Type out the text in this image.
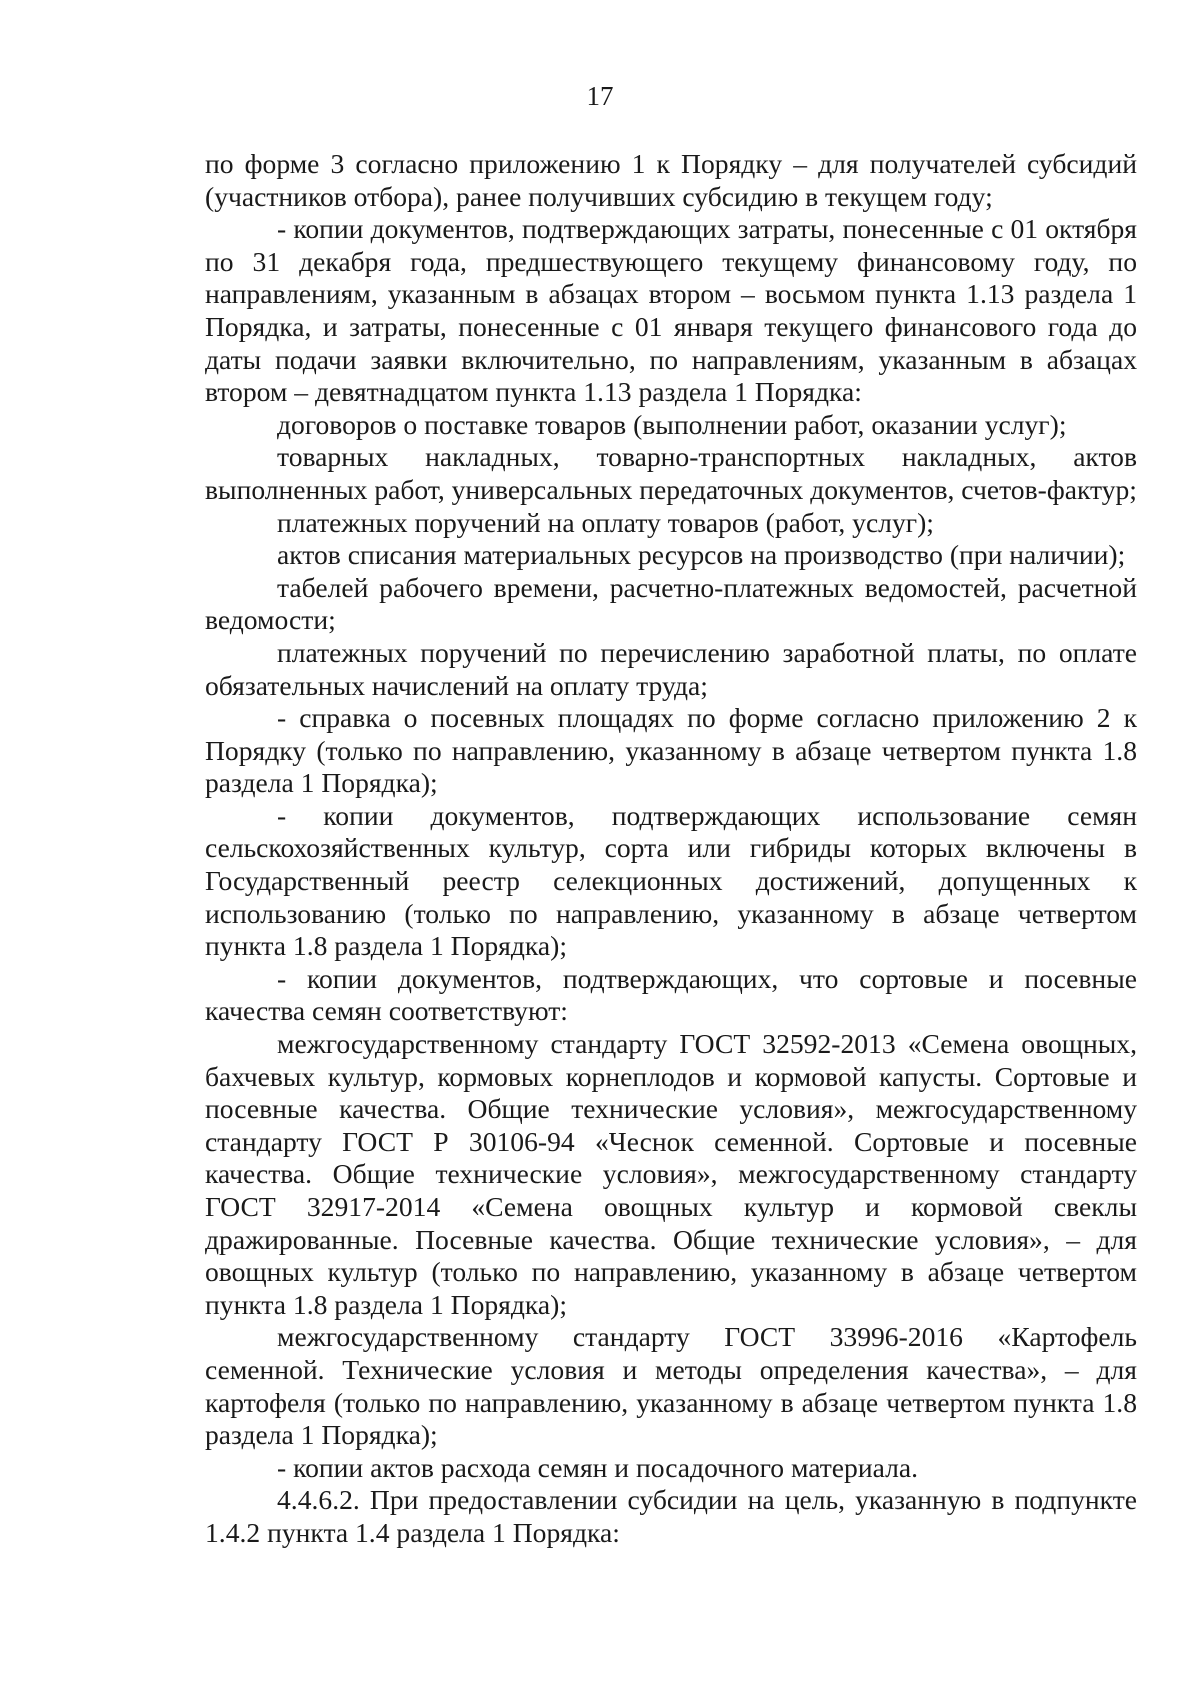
17

по форме 3 согласно приложению 1 к Порядку – для получателей субсидий (участников отбора), ранее получивших субсидию в текущем году;

- копии документов, подтверждающих затраты, понесенные с 01 октября по 31 декабря года, предшествующего текущему финансовому году, по направлениям, указанным в абзацах втором – восьмом пункта 1.13 раздела 1 Порядка, и затраты, понесенные с 01 января текущего финансового года до даты подачи заявки включительно, по направлениям, указанным в абзацах втором – девятнадцатом пункта 1.13 раздела 1 Порядка:

договоров о поставке товаров (выполнении работ, оказании услуг);

товарных накладных, товарно-транспортных накладных, актов выполненных работ, универсальных передаточных документов, счетов-фактур;

платежных поручений на оплату товаров (работ, услуг);

актов списания материальных ресурсов на производство (при наличии);

табелей рабочего времени, расчетно-платежных ведомостей, расчетной ведомости;

платежных поручений по перечислению заработной платы, по оплате обязательных начислений на оплату труда;

- справка о посевных площадях по форме согласно приложению 2 к Порядку (только по направлению, указанному в абзаце четвертом пункта 1.8 раздела 1 Порядка);

- копии документов, подтверждающих использование семян сельскохозяйственных культур, сорта или гибриды которых включены в Государственный реестр селекционных достижений, допущенных к использованию (только по направлению, указанному в абзаце четвертом пункта 1.8 раздела 1 Порядка);

- копии документов, подтверждающих, что сортовые и посевные качества семян соответствуют:

межгосударственному стандарту ГОСТ 32592-2013 «Семена овощных, бахчевых культур, кормовых корнеплодов и кормовой капусты. Сортовые и посевные качества. Общие технические условия», межгосударственному стандарту ГОСТ Р 30106-94 «Чеснок семенной. Сортовые и посевные качества. Общие технические условия», межгосударственному стандарту ГОСТ 32917-2014 «Семена овощных культур и кормовой свеклы дражированные. Посевные качества. Общие технические условия», – для овощных культур (только по направлению, указанному в абзаце четвертом пункта 1.8 раздела 1 Порядка);

межгосударственному стандарту ГОСТ 33996-2016 «Картофель семенной. Технические условия и методы определения качества», – для картофеля (только по направлению, указанному в абзаце четвертом пункта 1.8 раздела 1 Порядка);

- копии актов расхода семян и посадочного материала.

4.4.6.2. При предоставлении субсидии на цель, указанную в подпункте 1.4.2 пункта 1.4 раздела 1 Порядка:
